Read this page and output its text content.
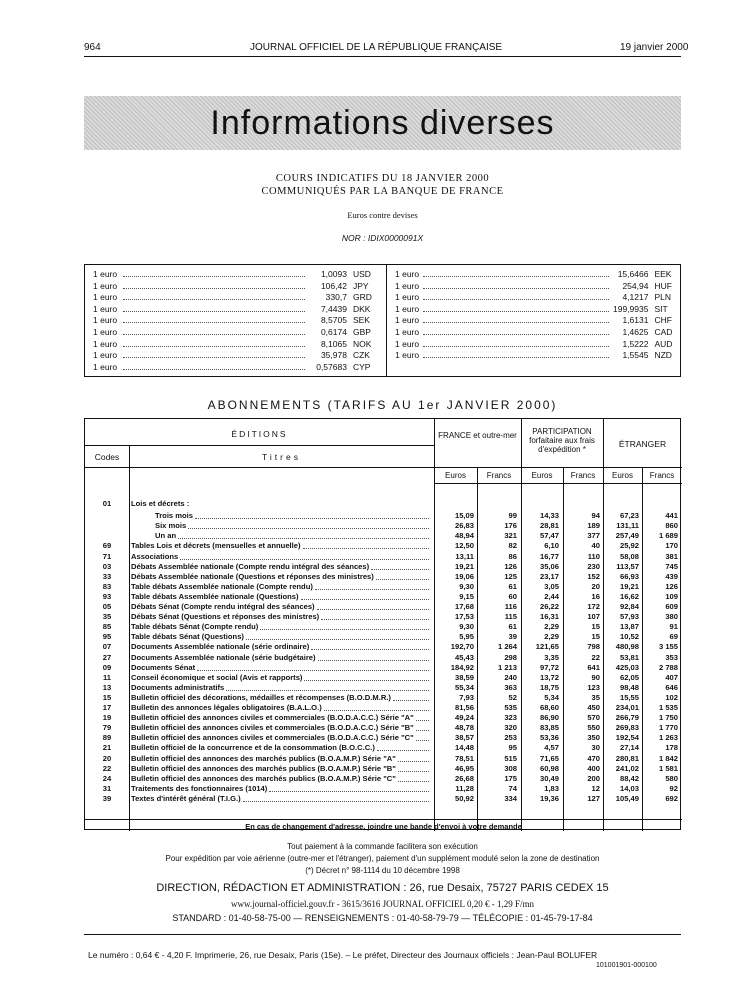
964	JOURNAL OFFICIEL DE LA RÉPUBLIQUE FRANÇAISE	19 janvier 2000
Informations diverses
COURS INDICATIFS DU 18 JANVIER 2000
COMMUNIQUÉS PAR LA BANQUE DE FRANCE
Euros contre devises
NOR : IDIX0000091X
1 euro	1,0093 USD
1 euro	106,42 JPY
1 euro	330,7 GRD
1 euro	7,4439 DKK
1 euro	8,5705 SEK
1 euro	0,6174 GBP
1 euro	8,1065 NOK
1 euro	35,978 CZK
1 euro	0,57683 CYP
1 euro	15,6466 EEK
1 euro	254,94 HUF
1 euro	4,1217 PLN
1 euro	199,9935 SIT
1 euro	1,6131 CHF
1 euro	1,4625 CAD
1 euro	1,5222 AUD
1 euro	1,5545 NZD
ABONNEMENTS (TARIFS AU 1er JANVIER 2000)
ÉDITIONS
Codes	Titres
FRANCE et outre-mer	PARTICIPATION forfaitaire aux frais d'expédition *
ÉTRANGER
Euros	Francs	Euros	Francs	Euros	Francs
01	Lois et décrets :
Trois mois	15,09	99	14,33	94	67,23	441
Six mois	26,83	176	28,81	189	131,11	860
Un an	48,94	321	57,47	377	257,49	1 689
69	Tables Lois et décrets (mensuelles et annuelle)	12,50	82	6,10	40	25,92	170
71	Associations	13,11	86	16,77	110	58,08	381
03	Débats Assemblée nationale (Compte rendu intégral des séances)	19,21	126	35,06	230	113,57	745
33	Débats Assemblée nationale (Questions et réponses des ministres)	19,06	125	23,17	152	66,93	439
83	Table débats Assemblée nationale (Compte rendu)	9,30	61	3,05	20	19,21	126
93	Table débats Assemblée nationale (Questions)	9,15	60	2,44	16	16,62	109
05	Débats Sénat (Compte rendu intégral des séances)	17,68	116	26,22	172	92,84	609
35	Débats Sénat (Questions et réponses des ministres)	17,53	115	16,31	107	57,93	380
85	Table débats Sénat (Compte rendu)	9,30	61	2,29	15	13,87	91
95	Table débats Sénat (Questions)	5,95	39	2,29	15	10,52	69
07	Documents Assemblée nationale (série ordinaire)	192,70	1 264	121,65	798	480,98	3 155
27	Documents Assemblée nationale (série budgétaire)	45,43	298	3,35	22	53,81	353
09	Documents Sénat	184,92	1 213	97,72	641	425,03	2 788
11	Conseil économique et social (Avis et rapports)	38,59	240	13,72	90	62,05	407
13	Documents administratifs	55,34	363	18,75	123	98,48	646
15	Bulletin officiel des décorations, médailles et récompenses (B.O.D.M.R.)	7,93	52	5,34	35	15,55	102
17	Bulletin des annonces légales obligatoires (B.A.L.O.)	81,56	535	68,60	450	234,01	1 535
19	Bulletin officiel des annonces civiles et commerciales (B.O.D.A.C.C.) Série "A"	49,24	323	86,90	570	266,79	1 750
79	Bulletin officiel des annonces civiles et commerciales (B.O.D.A.C.C.) Série "B"	48,78	320	83,85	550	269,83	1 770
89	Bulletin officiel des annonces civiles et commerciales (B.O.D.A.C.C.) Série "C"	38,57	253	53,36	350	192,54	1 263
21	Bulletin officiel de la concurrence et de la consommation (B.O.C.C.)	14,48	95	4,57	30	27,14	178
20	Bulletin officiel des annonces des marchés publics (B.O.A.M.P.) Série "A"	78,51	515	71,65	470	280,81	1 842
22	Bulletin officiel des annonces des marchés publics (B.O.A.M.P.) Série "B"	46,95	308	60,98	400	241,02	1 581
24	Bulletin officiel des annonces des marchés publics (B.O.A.M.P.) Série "C"	26,68	175	30,49	200	88,42	580
31	Traitements des fonctionnaires (1014)	11,28	74	1,83	12	14,03	92
39	Textes d'intérêt général (T.I.G.)	50,92	334	19,36	127	105,49	692
En cas de changement d'adresse, joindre une bande d'envoi à votre demande
Tout paiement à la commande facilitera son exécution
Pour expédition par voie aérienne (outre-mer et l'étranger), paiement d'un supplément modulé selon la zone de destination
(*) Décret n° 98-1114 du 10 décembre 1998
DIRECTION, RÉDACTION ET ADMINISTRATION : 26, rue Desaix, 75727 PARIS CEDEX 15
www.journal-officiel.gouv.fr - 3615/3616 JOURNAL OFFICIEL 0,20 € - 1,29 F/mn
STANDARD : 01-40-58-75-00 — RENSEIGNEMENTS : 01-40-58-79-79 — TÉLÉCOPIE : 01-45-79-17-84
Le numéro : 0,64 € - 4,20 F. Imprimerie, 26, rue Desaix, Paris (15e). – Le préfet, Directeur des Journaux officiels : Jean-Paul BOLUFER
101001901-000100
